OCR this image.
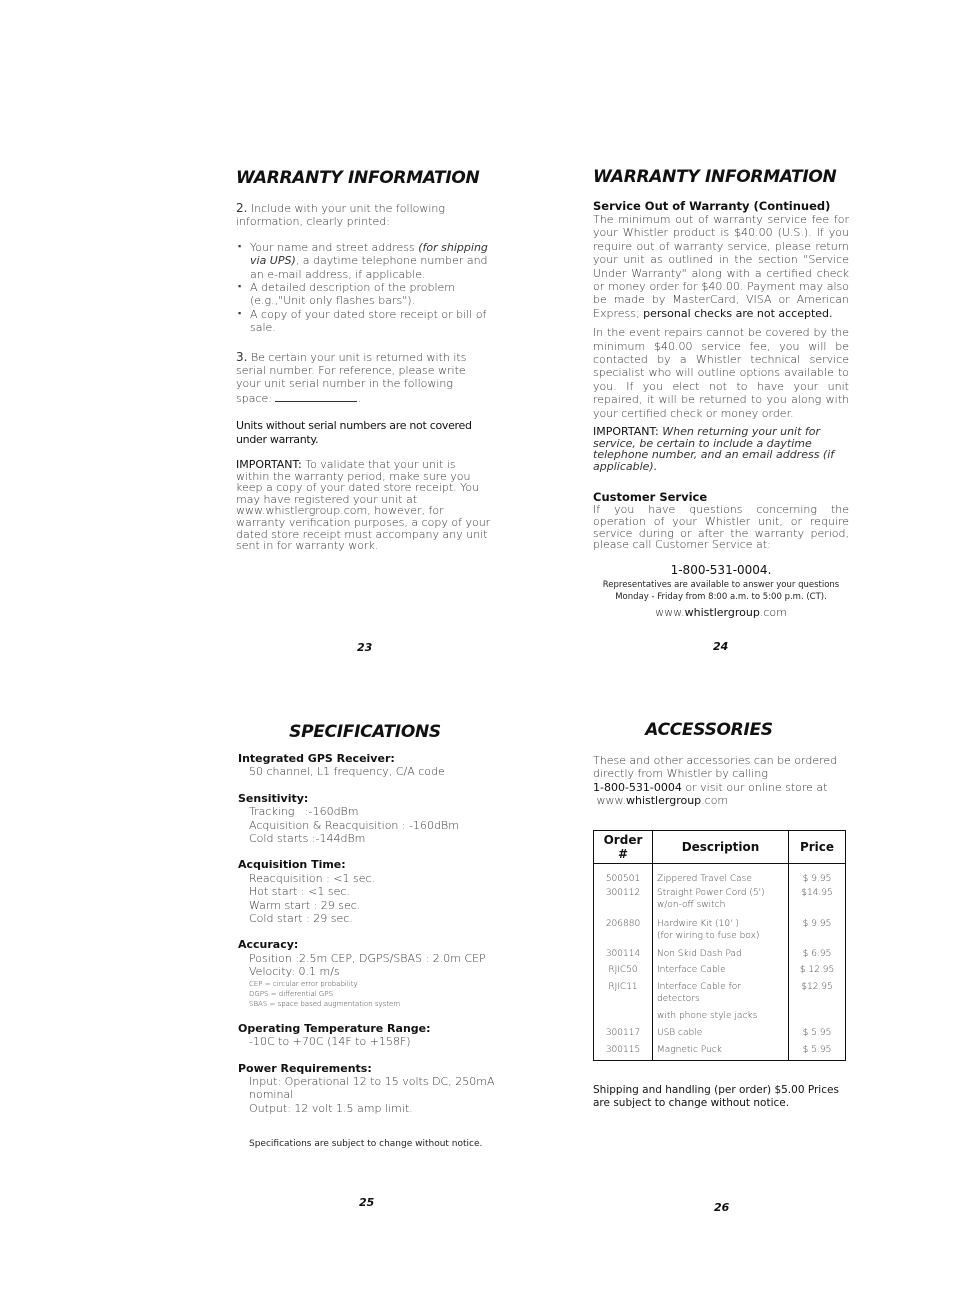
WARRANTY INFORMATION
2. Include with your unit the following information, clearly printed:
▪ Your name and street address (for shipping via UPS), a daytime telephone number and an e-mail address, if applicable.
▪ A detailed description of the problem (e.g.,"Unit only flashes bars").
▪ A copy of your dated store receipt or bill of sale.
3. Be certain your unit is returned with its serial number. For reference, please write your unit serial number in the following space:	.
Units without serial numbers are not covered under warranty.
IMPORTANT: To validate that your unit is within the warranty period, make sure you keep a copy of your dated store receipt. You may have registered your unit at www.whistlergroup.com, however, for warranty verification purposes, a copy of your dated store receipt must accompany any unit sent in for warranty work.
23
WARRANTY INFORMATION
Service Out of Warranty (Continued)
The minimum out of warranty service fee for your Whistler product is $40.00 (U.S.). If you require out of warranty service, please return your unit as outlined in the section "Service Under Warranty" along with a certified check or money order for $40.00. Payment may also be made by MasterCard, VISA or American Express; personal checks are not accepted.
In the event repairs cannot be covered by the minimum $40.00 service fee, you will be contacted by a Whistler technical service specialist who will outline options available to you. If you elect not to have your unit repaired, it will be returned to you along with your certified check or money order.
IMPORTANT: When returning your unit for service, be certain to include a daytime telephone number, and an email address (if applicable).
Customer Service
If you have questions concerning the operation of your Whistler unit, or require service during or after the warranty period, please call Customer Service at:
1-800-531-0004.
Representatives are available to answer your questions
Monday - Friday from 8:00 a.m. to 5:00 p.m. (CT).
www.whistlergroup.com
24
SPECIFICATIONS
Integrated GPS Receiver:
50 channel, L1 frequency, C/A code
Sensitivity:
Tracking   :-160dBm
Acquisition & Reacquisition : -160dBm
Cold starts :-144dBm
Acquisition Time:
Reacquisition : <1 sec.
Hot start : <1 sec.
Warm start : 29 sec.
Cold start : 29 sec.
Accuracy:
Position :2.5m CEP, DGPS/SBAS : 2.0m CEP
Velocity: 0.1 m/s
CEP = circular error probability
DGPS = differential GPS
SBAS = space based augmentation system
Operating Temperature Range:
-10C to +70C (14F to +158F)
Power Requirements:
Input: Operational 12 to 15 volts DC, 250mA
nominal
Output: 12 volt 1.5 amp limit.
Specifications are subject to change without notice.
25
ACCESSORIES
These and other accessories can be ordered directly from Whistler by calling
1-800-531-0004 or visit our online store at
www.whistlergroup.com
Order #	Description	Price
500501	Zippered Travel Case	$ 9.95
300112	Straight Power Cord (5')
w/on-off switch	$14.95
206880	Hardwire Kit (10' )
(for wiring to fuse box)	$ 9.95
300114	Non Skid Dash Pad	$ 6.95
RJIC50	Interface Cable	$ 12.95
RJIC11	Interface Cable for detectors	$12.95

	with phone style jacks	

300117	USB cable	$ 5.95
300115	Magnetic Puck	$ 5.95
Shipping and handling (per order) $5.00 Prices are subject to change without notice.
26
